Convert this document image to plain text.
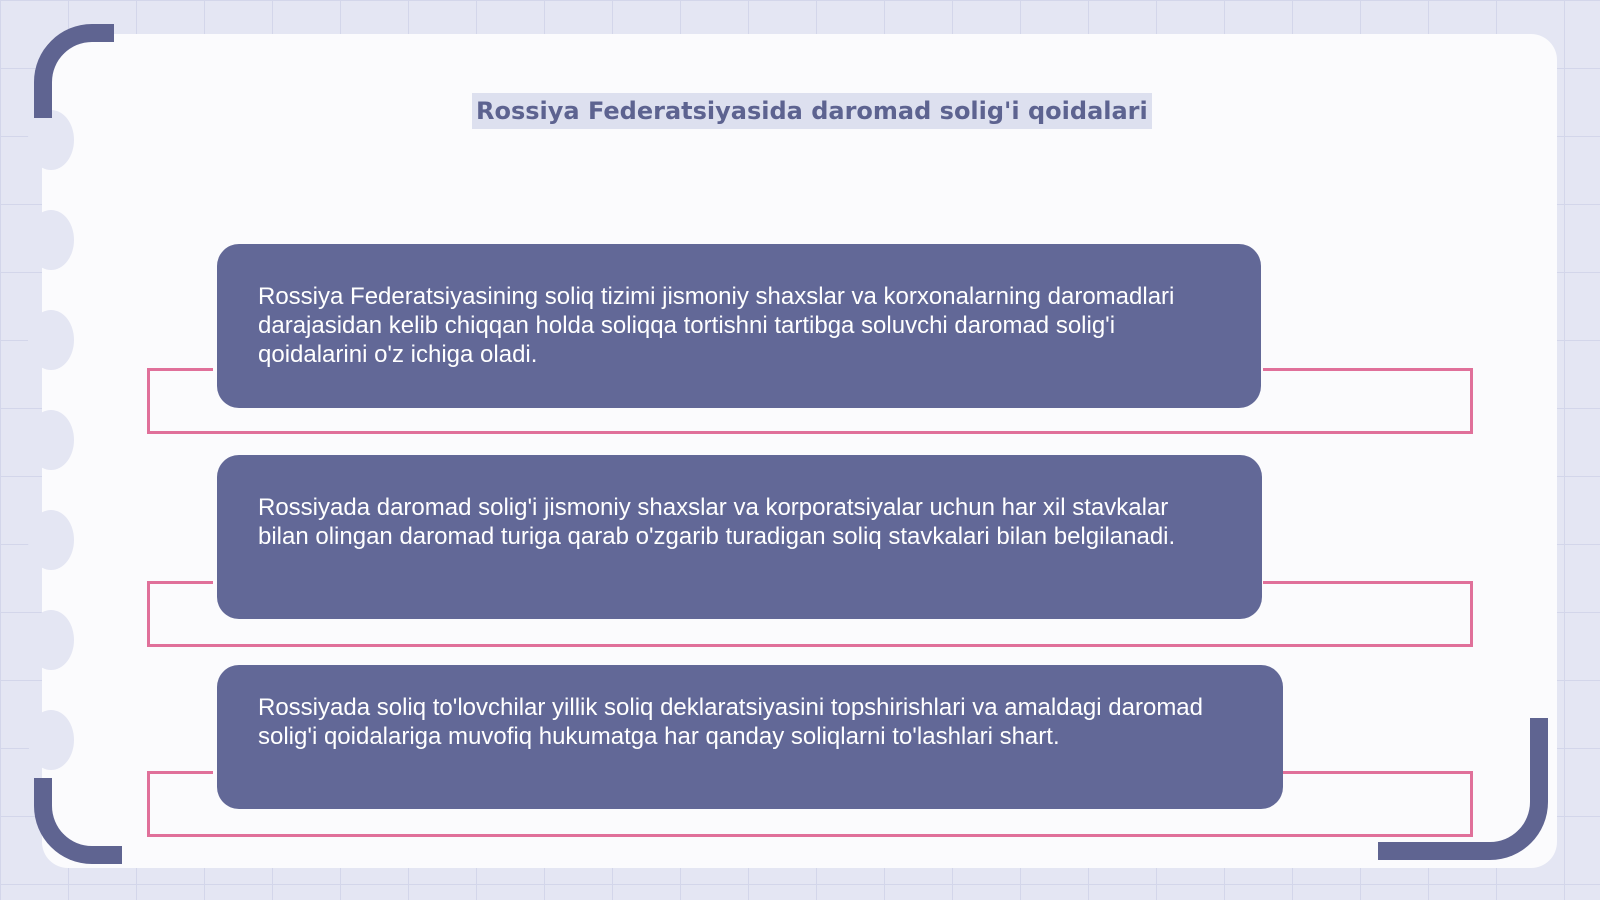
Rossiya Federatsiyasida daromad solig'i qoidalari

Rossiya Federatsiyasining soliq tizimi jismoniy shaxslar va korxonalarning daromadlari darajasidan kelib chiqqan holda soliqqa tortishni tartibga soluvchi daromad solig'i qoidalarini o'z ichiga oladi.

Rossiyada daromad solig'i jismoniy shaxslar va korporatsiyalar uchun har xil stavkalar bilan olingan daromad turiga qarab o'zgarib turadigan soliq stavkalari bilan belgilanadi.

Rossiyada soliq to'lovchilar yillik soliq deklaratsiyasini topshirishlari va amaldagi daromad solig'i qoidalariga muvofiq hukumatga har qanday soliqlarni to'lashlari shart.
